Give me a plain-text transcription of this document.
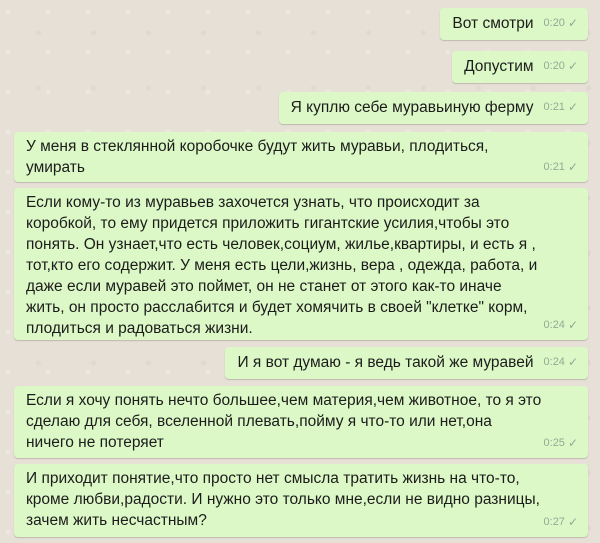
Вот смотри 0:20 ✓
Допустим 0:20 ✓
Я куплю себе муравьиную ферму 0:21 ✓
У меня в стеклянной коробочке будут жить муравьи, плодиться,
умирать	0:21 ✓
Если кому-то из муравьев захочется узнать, что происходит за
коробкой, то ему придется приложить гигантские усилия,чтобы это
понять. Он узнает,что есть человек,социум, жилье,квартиры, и есть я ,
тот,кто его содержит. У меня есть цели,жизнь, вера , одежда, работа, и
даже если муравей это поймет, он не станет от этого как-то иначе
жить, он просто расслабится и будет хомячить в своей "клетке" корм,
плодиться и радоваться жизни.	0:24 ✓
И я вот думаю - я ведь такой же муравей 0:24 ✓
Если я хочу понять нечто большее,чем материя,чем животное, то я это
сделаю для себя, вселенной плевать,пойму я что-то или нет,она
ничего не потеряет	0:25 ✓
И приходит понятие,что просто нет смысла тратить жизнь на что-то,
кроме любви,радости. И нужно это только мне,если не видно разницы,
зачем жить несчастным?	0:27 ✓
